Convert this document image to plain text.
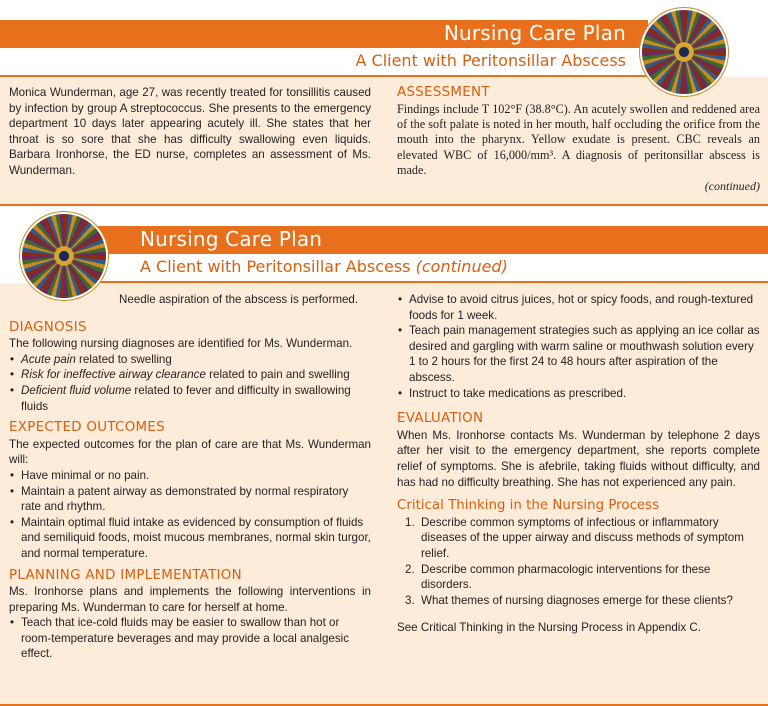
Nursing Care Plan
A Client with Peritonsillar Abscess

Monica Wunderman, age 27, was recently treated for tonsillitis caused by infection by group A streptococcus. She presents to the emergency department 10 days later appearing acutely ill. She states that her throat is so sore that she has difficulty swallowing even liquids. Barbara Ironhorse, the ED nurse, completes an assessment of Ms. Wunderman.

ASSESSMENT

Findings include T 102°F (38.8°C). An acutely swollen and reddened area of the soft palate is noted in her mouth, half occluding the orifice from the mouth into the pharynx. Yellow exudate is present. CBC reveals an elevated WBC of 16,000/mm³. A diagnosis of peritonsillar abscess is made.

(continued)

Nursing Care Plan
A Client with Peritonsillar Abscess (continued)

Needle aspiration of the abscess is performed.

DIAGNOSIS

The following nursing diagnoses are identified for Ms. Wunderman.

• Acute pain related to swelling
• Risk for ineffective airway clearance related to pain and swelling
• Deficient fluid volume related to fever and difficulty in swallowing fluids
EXPECTED OUTCOMES

The expected outcomes for the plan of care are that Ms. Wunderman will:

• Have minimal or no pain.
• Maintain a patent airway as demonstrated by normal respiratory rate and rhythm.
• Maintain optimal fluid intake as evidenced by consumption of fluids and semiliquid foods, moist mucous membranes, normal skin turgor, and normal temperature.
PLANNING AND IMPLEMENTATION

Ms. Ironhorse plans and implements the following interventions in preparing Ms. Wunderman to care for herself at home.

• Teach that ice-cold fluids may be easier to swallow than hot or room-temperature beverages and may provide a local analgesic effect.
• Advise to avoid citrus juices, hot or spicy foods, and rough-textured foods for 1 week.
• Teach pain management strategies such as applying an ice collar as desired and gargling with warm saline or mouthwash solution every 1 to 2 hours for the first 24 to 48 hours after aspiration of the abscess.
• Instruct to take medications as prescribed.
EVALUATION

When Ms. Ironhorse contacts Ms. Wunderman by telephone 2 days after her visit to the emergency department, she reports complete relief of symptoms. She is afebrile, taking fluids without difficulty, and has had no difficulty breathing. She has not experienced any pain.

Critical Thinking in the Nursing Process
1. Describe common symptoms of infectious or inflammatory diseases of the upper airway and discuss methods of symptom relief.
2. Describe common pharmacologic interventions for these disorders.
3. What themes of nursing diagnoses emerge for these clients?

See Critical Thinking in the Nursing Process in Appendix C.
